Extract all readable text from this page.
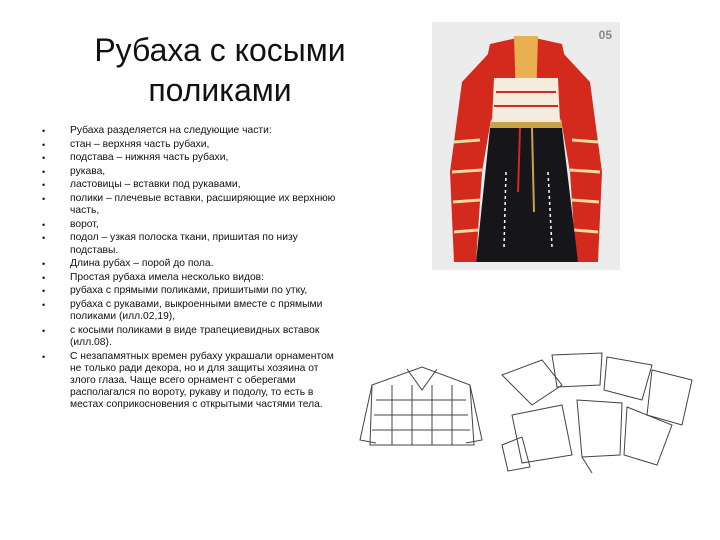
Рубаха с косыми поликами
• Рубаха разделяется на следующие части:
• стан – верхняя часть рубахи,
• подстава – нижняя часть рубахи,
• рукава,
• ластовицы – вставки под рукавами,
• полики – плечевые вставки, расширяющие их верхнюю часть,
• ворот,
• подол – узкая полоска ткани, пришитая по низу подставы.
• Длина рубах – порой до пола.
• Простая рубаха имела несколько видов:
• рубаха с прямыми поликами, пришитыми по утку,
• рубаха с рукавами, выкроенными вместе с прямыми поликами (илл.02,19),
• с косыми поликами в виде трапециевидных вставок (илл.08).
• С незапамятных времен рубаху украшали орнаментом не только ради декора, но и для защиты хозяина от злого глаза. Чаще всего орнамент с оберегами располагался по вороту, рукаву и подолу, то есть в местах соприкосновения с открытыми частями тела.
05
